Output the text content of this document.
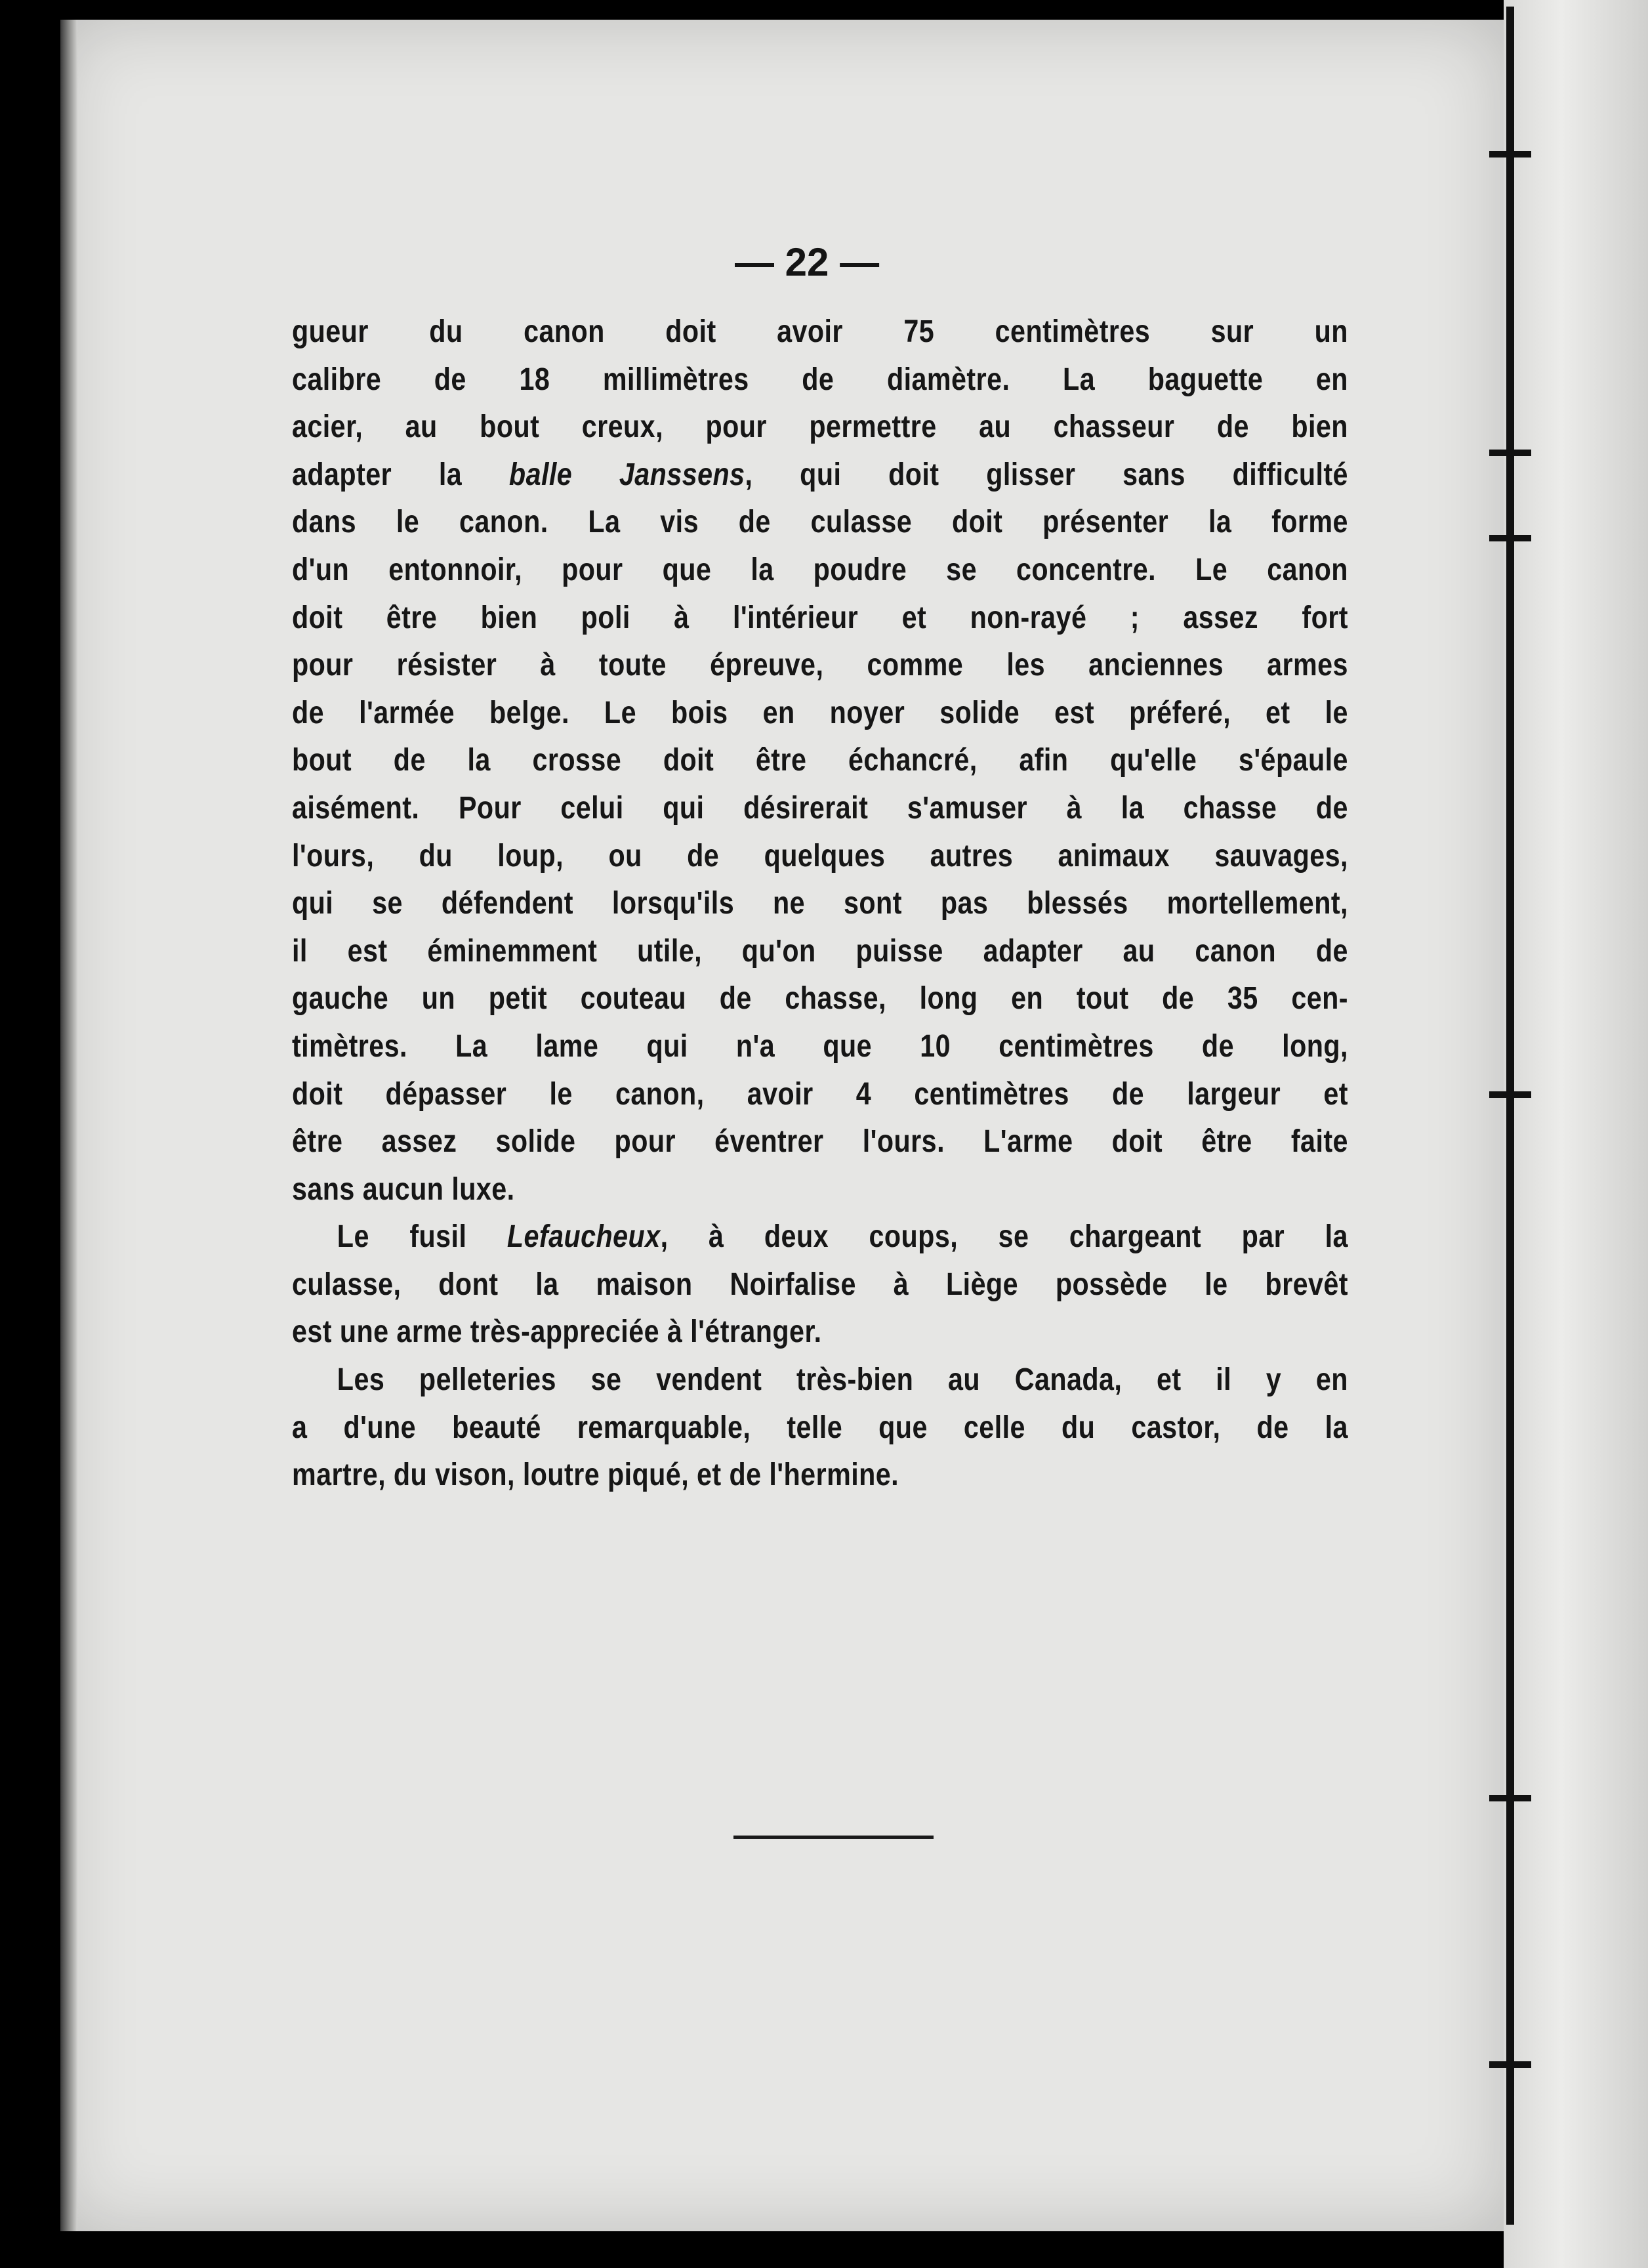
— 22 —
gueur du canon doit avoir 75 centimètres sur un
calibre de 18 millimètres de diamètre. La baguette en
acier, au bout creux, pour permettre au chasseur de bien
adapter la balle Janssens, qui doit glisser sans difficulté
dans le canon. La vis de culasse doit présenter la forme
d'un entonnoir, pour que la poudre se concentre. Le canon
doit être bien poli à l'intérieur et non-rayé ; assez fort
pour résister à toute épreuve, comme les anciennes armes
de l'armée belge. Le bois en noyer solide est préferé, et le
bout de la crosse doit être échancré, afin qu'elle s'épaule
aisément. Pour celui qui désirerait s'amuser à la chasse de
l'ours, du loup, ou de quelques autres animaux sauvages,
qui se défendent lorsqu'ils ne sont pas blessés mortellement,
il est éminemment utile, qu'on puisse adapter au canon de
gauche un petit couteau de chasse, long en tout de 35 cen-
timètres. La lame qui n'a que 10 centimètres de long,
doit dépasser le canon, avoir 4 centimètres de largeur et
être assez solide pour éventrer l'ours. L'arme doit être faite
sans aucun luxe.
Le fusil Lefaucheux, à deux coups, se chargeant par la
culasse, dont la maison Noirfalise à Liège possède le brevêt
est une arme très-appreciée à l'étranger.
Les pelleteries se vendent très-bien au Canada, et il y en
a d'une beauté remarquable, telle que celle du castor, de la
martre, du vison, loutre piqué, et de l'hermine.
